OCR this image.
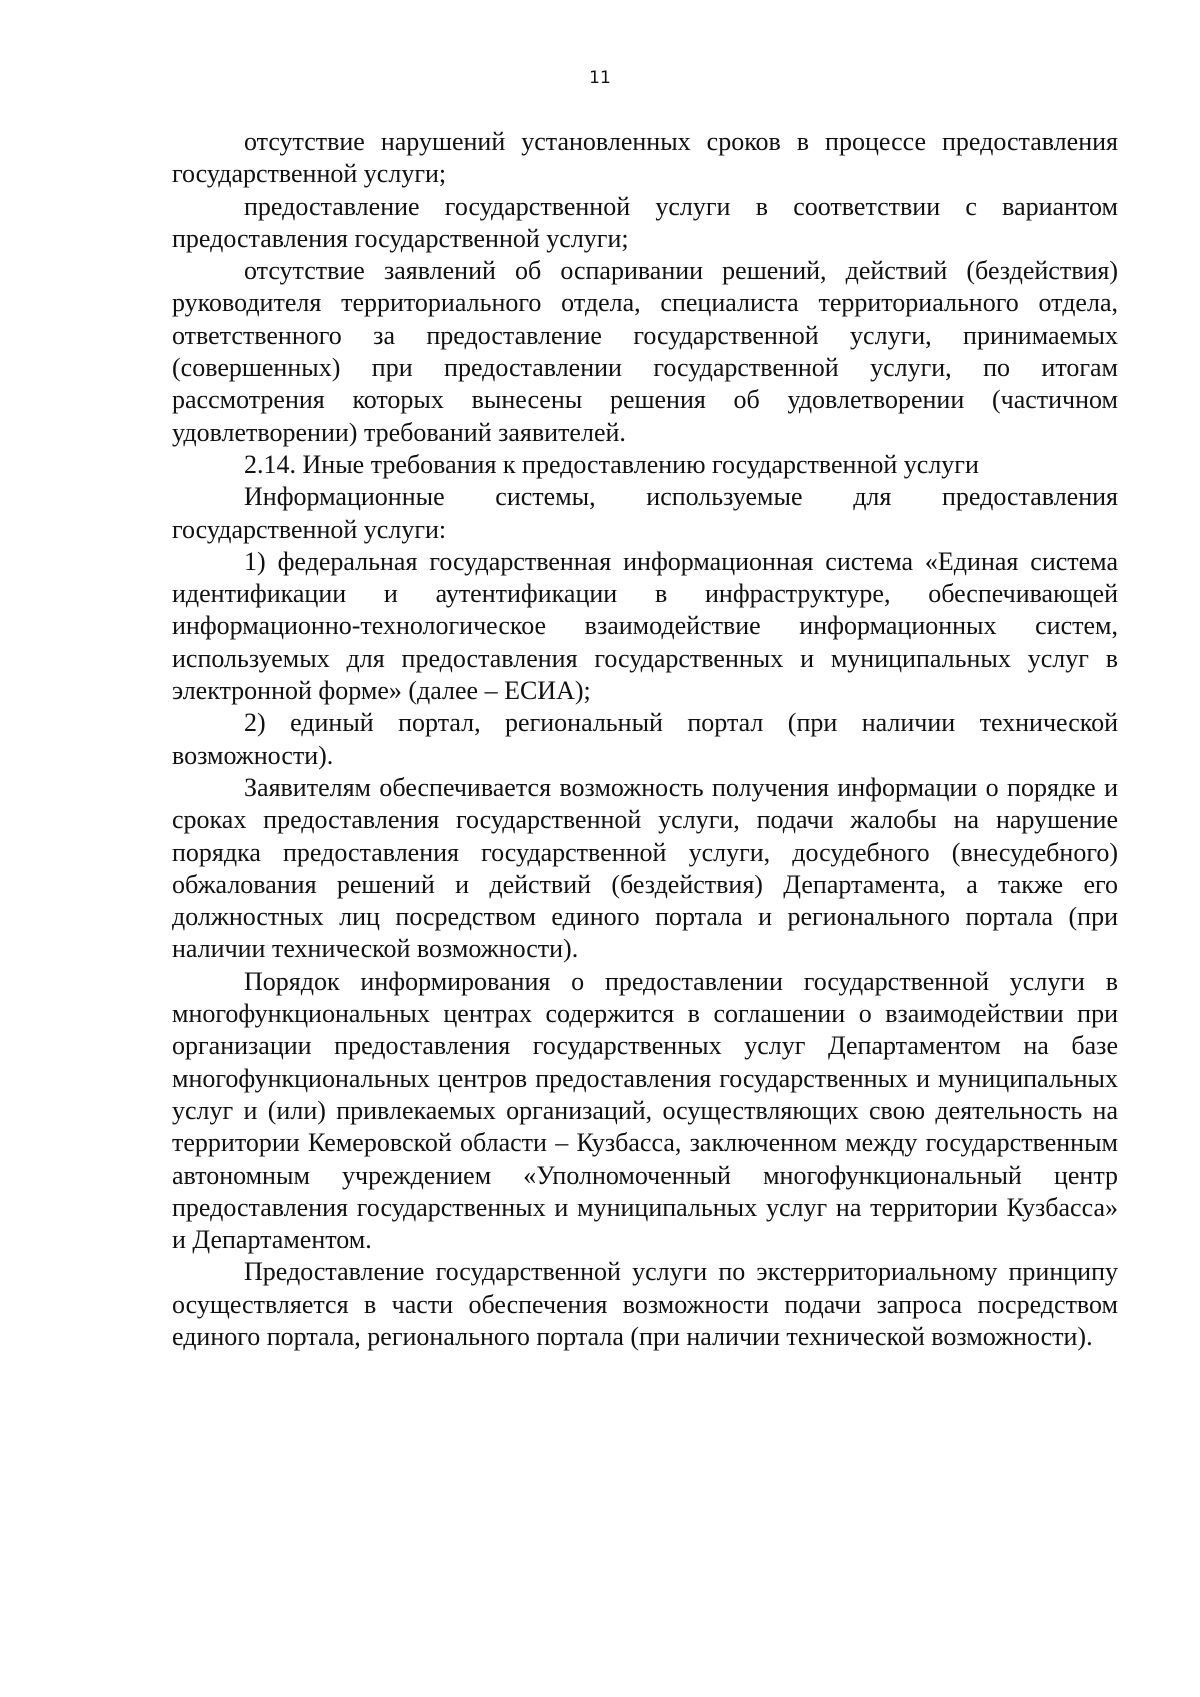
11

отсутствие нарушений установленных сроков в процессе предоставления государственной услуги;

предоставление государственной услуги в соответствии с вариантом предоставления государственной услуги;

отсутствие заявлений об оспаривании решений, действий (бездействия) руководителя территориального отдела, специалиста территориального отдела, ответственного за предоставление государственной услуги, принимаемых (совершенных) при предоставлении государственной услуги, по итогам рассмотрения которых вынесены решения об удовлетворении (частичном удовлетворении) требований заявителей.

2.14. Иные требования к предоставлению государственной услуги

Информационные системы, используемые для предоставления государственной услуги:

1) федеральная государственная информационная система «Единая система идентификации и аутентификации в инфраструктуре, обеспечивающей информационно-технологическое взаимодействие информационных систем, используемых для предоставления государственных и муниципальных услуг в электронной форме» (далее – ЕСИА);

2) единый портал, региональный портал (при наличии технической возможности).

Заявителям обеспечивается возможность получения информации о порядке и сроках предоставления государственной услуги, подачи жалобы на нарушение порядка предоставления государственной услуги, досудебного (внесудебного) обжалования решений и действий (бездействия) Департамента, а также его должностных лиц посредством единого портала и регионального портала (при наличии технической возможности).

Порядок информирования о предоставлении государственной услуги в многофункциональных центрах содержится в соглашении о взаимодействии при организации предоставления государственных услуг Департаментом на базе многофункциональных центров предоставления государственных и муниципальных услуг и (или) привлекаемых организаций, осуществляющих свою деятельность на территории Кемеровской области – Кузбасса, заключенном между государственным автономным учреждением «Уполномоченный многофункциональный центр предоставления государственных и муниципальных услуг на территории Кузбасса» и Департаментом.

Предоставление государственной услуги по экстерриториальному принципу осуществляется в части обеспечения возможности подачи запроса посредством единого портала, регионального портала (при наличии технической возможности).
